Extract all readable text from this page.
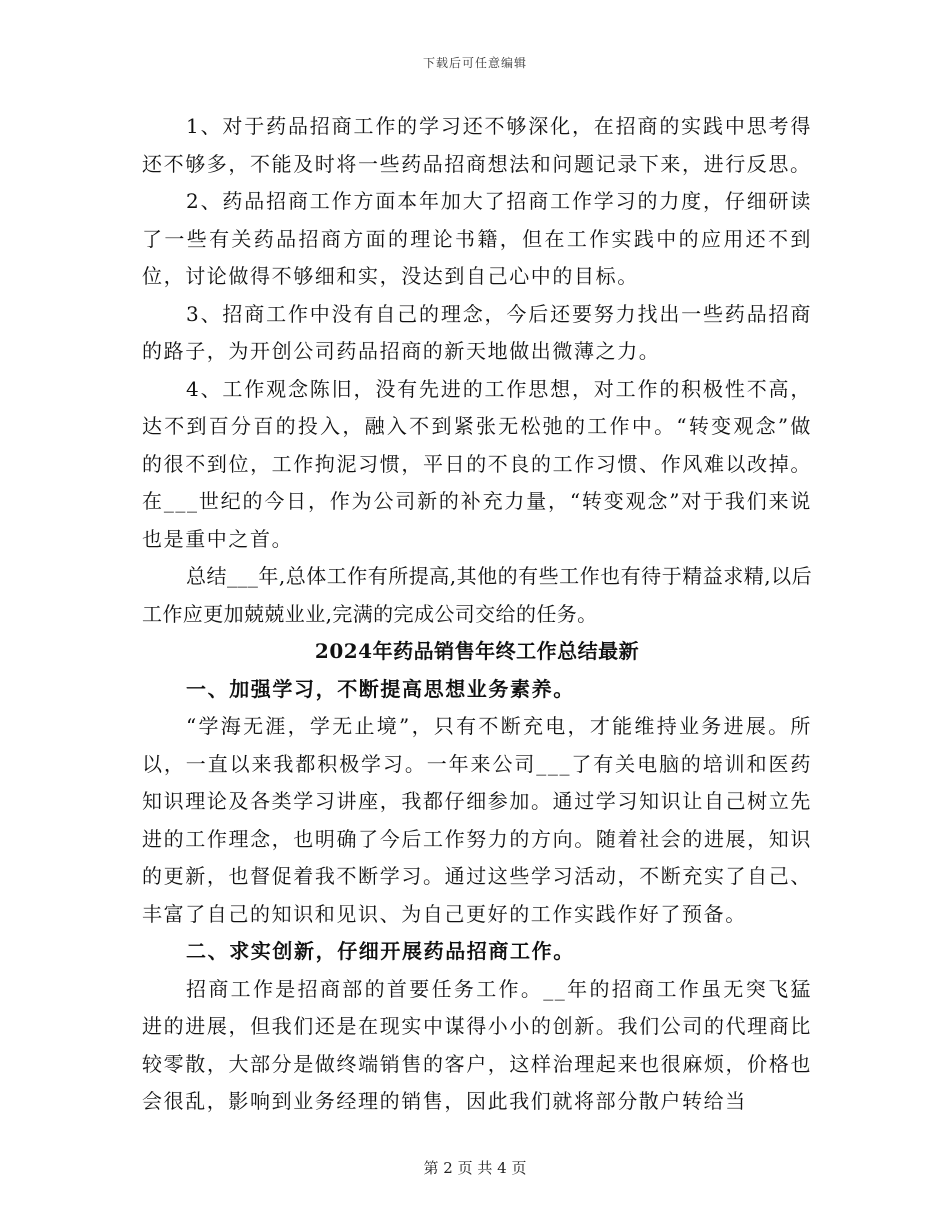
下载后可任意编辑

1、对于药品招商工作的学习还不够深化，在招商的实践中思考得还不够多，不能及时将一些药品招商想法和问题记录下来，进行反思。

2、药品招商工作方面本年加大了招商工作学习的力度，仔细研读了一些有关药品招商方面的理论书籍，但在工作实践中的应用还不到位，讨论做得不够细和实，没达到自己心中的目标。

3、招商工作中没有自己的理念，今后还要努力找出一些药品招商的路子，为开创公司药品招商的新天地做出微薄之力。

4、工作观念陈旧，没有先进的工作思想，对工作的积极性不高，达不到百分百的投入，融入不到紧张无松弛的工作中。“转变观念”做的很不到位，工作拘泥习惯，平日的不良的工作习惯、作风难以改掉。在___世纪的今日，作为公司新的补充力量，“转变观念”对于我们来说也是重中之首。

总结___年,总体工作有所提高,其他的有些工作也有待于精益求精,以后工作应更加兢兢业业,完满的完成公司交给的任务。

2024年药品销售年终工作总结最新

一、加强学习，不断提高思想业务素养。

“学海无涯，学无止境”，只有不断充电，才能维持业务进展。所以，一直以来我都积极学习。一年来公司___了有关电脑的培训和医药知识理论及各类学习讲座，我都仔细参加。通过学习知识让自己树立先进的工作理念，也明确了今后工作努力的方向。随着社会的进展，知识的更新，也督促着我不断学习。通过这些学习活动，不断充实了自己、丰富了自己的知识和见识、为自己更好的工作实践作好了预备。

二、求实创新，仔细开展药品招商工作。

招商工作是招商部的首要任务工作。__年的招商工作虽无突飞猛进的进展，但我们还是在现实中谋得小小的创新。我们公司的代理商比较零散，大部分是做终端销售的客户，这样治理起来也很麻烦，价格也会很乱，影响到业务经理的销售，因此我们就将部分散户转给当

第 2 页 共 4 页
